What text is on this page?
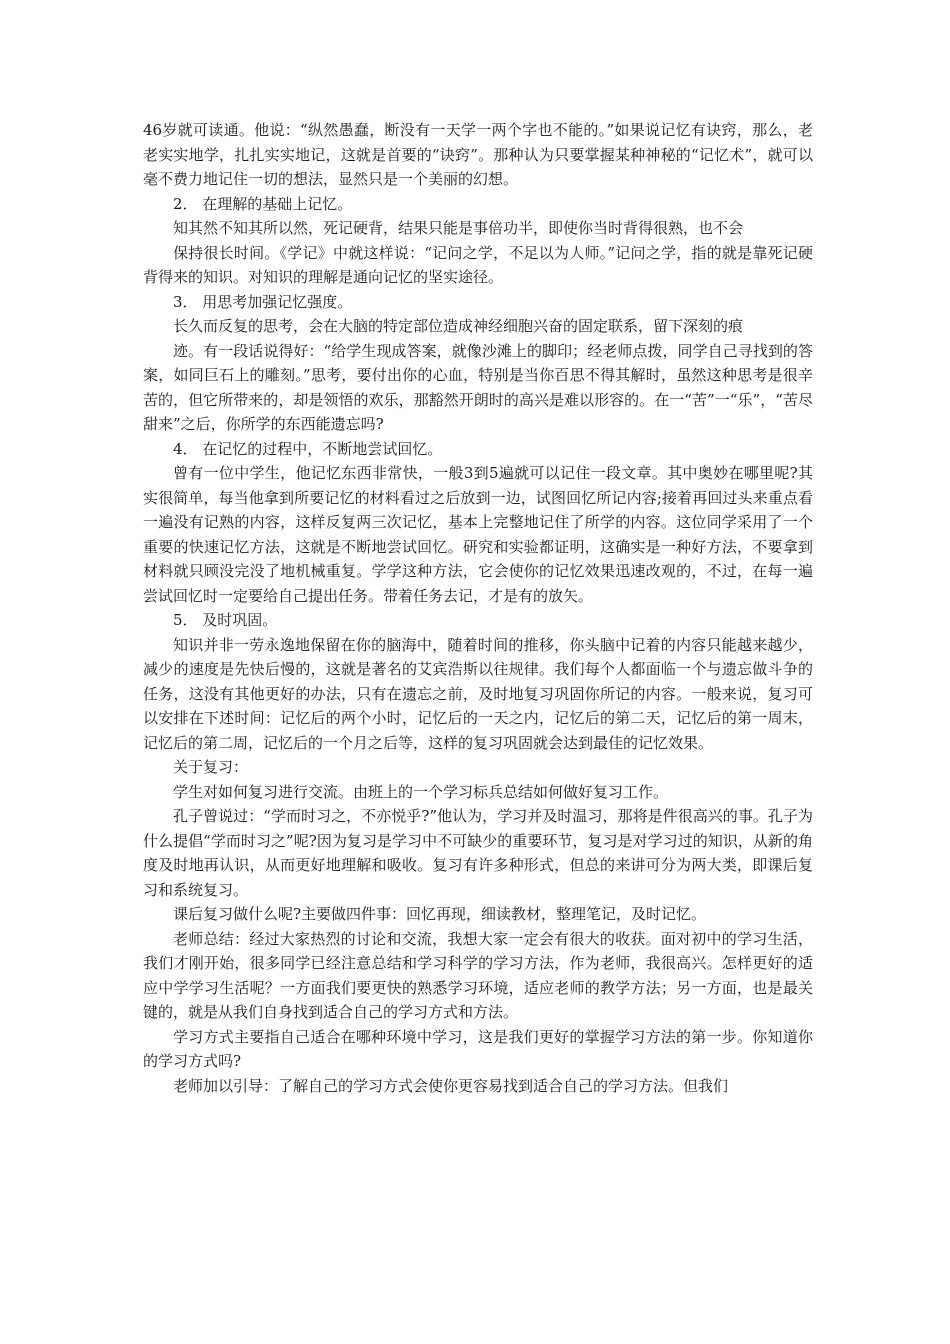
46岁就可读通。他说：“纵然愚蠢，断没有一天学一两个字也不能的。”如果说记忆有诀窍，那么，老老实实地学，扎扎实实地记，这就是首要的“诀窍”。那种认为只要掌握某种神秘的“记忆术”，就可以毫不费力地记住一切的想法，显然只是一个美丽的幻想。

2． 在理解的基础上记忆。

知其然不知其所以然，死记硬背，结果只能是事倍功半，即使你当时背得很熟，也不会

保持很长时间。《学记》中就这样说：“记问之学，不足以为人师。”记问之学，指的就是靠死记硬背得来的知识。对知识的理解是通向记忆的坚实途径。

3． 用思考加强记忆强度。

长久而反复的思考，会在大脑的特定部位造成神经细胞兴奋的固定联系，留下深刻的痕

迹。有一段话说得好：“给学生现成答案，就像沙滩上的脚印；经老师点拨，同学自己寻找到的答案，如同巨石上的雕刻。”思考，要付出你的心血，特别是当你百思不得其解时，虽然这种思考是很辛苦的，但它所带来的，却是领悟的欢乐，那豁然开朗时的高兴是难以形容的。在一“苦”一“乐”，“苦尽甜来”之后，你所学的东西能遗忘吗?

4． 在记忆的过程中，不断地尝试回忆。

曾有一位中学生，他记忆东西非常快，一般3到5遍就可以记住一段文章。其中奥妙在哪里呢?其实很简单，每当他拿到所要记忆的材料看过之后放到一边，试图回忆所记内容;接着再回过头来重点看一遍没有记熟的内容，这样反复两三次记忆，基本上完整地记住了所学的内容。这位同学采用了一个重要的快速记忆方法，这就是不断地尝试回忆。研究和实验都证明，这确实是一种好方法，不要拿到材料就只顾没完没了地机械重复。学学这种方法，它会使你的记忆效果迅速改观的，不过，在每一遍尝试回忆时一定要给自己提出任务。带着任务去记，才是有的放矢。

5． 及时巩固。

知识并非一劳永逸地保留在你的脑海中，随着时间的推移，你头脑中记着的内容只能越来越少，减少的速度是先快后慢的，这就是著名的艾宾浩斯以往规律。我们每个人都面临一个与遗忘做斗争的任务，这没有其他更好的办法，只有在遗忘之前，及时地复习巩固你所记的内容。一般来说，复习可以安排在下述时间：记忆后的两个小时，记忆后的一天之内，记忆后的第二天，记忆后的第一周末，记忆后的第二周，记忆后的一个月之后等，这样的复习巩固就会达到最佳的记忆效果。

关于复习：

学生对如何复习进行交流。由班上的一个学习标兵总结如何做好复习工作。

孔子曾说过：“学而时习之，不亦悦乎?”他认为，学习并及时温习，那将是件很高兴的事。孔子为什么提倡“学而时习之”呢?因为复习是学习中不可缺少的重要环节，复习是对学习过的知识，从新的角度及时地再认识，从而更好地理解和吸收。复习有许多种形式，但总的来讲可分为两大类，即课后复习和系统复习。

课后复习做什么呢?主要做四件事：回忆再现，细读教材，整理笔记，及时记忆。

老师总结：经过大家热烈的讨论和交流，我想大家一定会有很大的收获。面对初中的学习生活，我们才刚开始，很多同学已经注意总结和学习科学的学习方法，作为老师，我很高兴。怎样更好的适应中学学习生活呢？一方面我们要更快的熟悉学习环境，适应老师的教学方法；另一方面，也是最关键的，就是从我们自身找到适合自己的学习方式和方法。

学习方式主要指自己适合在哪种环境中学习，这是我们更好的掌握学习方法的第一步。你知道你的学习方式吗?

老师加以引导：了解自己的学习方式会使你更容易找到适合自己的学习方法。但我们
